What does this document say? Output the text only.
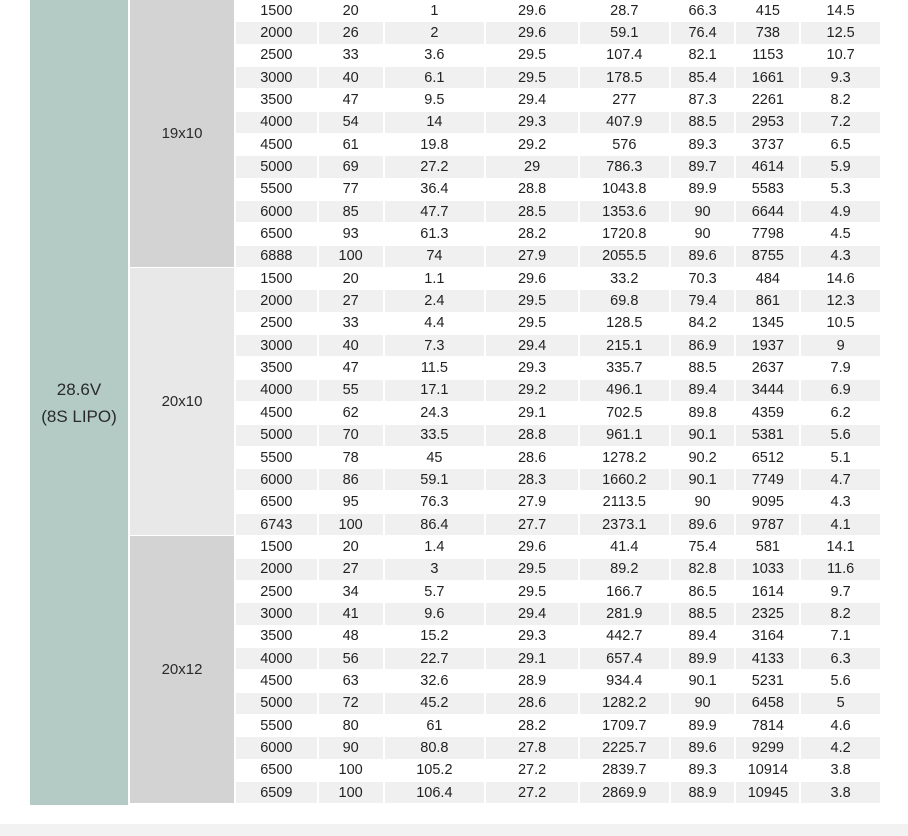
28.6V
(8S LIPO)
19x10
20x10
20x12
1500	20	1	29.6	28.7	66.3	415	14.5
2000	26	2	29.6	59.1	76.4	738	12.5
2500	33	3.6	29.5	107.4	82.1	1153	10.7
3000	40	6.1	29.5	178.5	85.4	1661	9.3
3500	47	9.5	29.4	277	87.3	2261	8.2
4000	54	14	29.3	407.9	88.5	2953	7.2
4500	61	19.8	29.2	576	89.3	3737	6.5
5000	69	27.2	29	786.3	89.7	4614	5.9
5500	77	36.4	28.8	1043.8	89.9	5583	5.3
6000	85	47.7	28.5	1353.6	90	6644	4.9
6500	93	61.3	28.2	1720.8	90	7798	4.5
6888	100	74	27.9	2055.5	89.6	8755	4.3
1500	20	1.1	29.6	33.2	70.3	484	14.6
2000	27	2.4	29.5	69.8	79.4	861	12.3
2500	33	4.4	29.5	128.5	84.2	1345	10.5
3000	40	7.3	29.4	215.1	86.9	1937	9
3500	47	11.5	29.3	335.7	88.5	2637	7.9
4000	55	17.1	29.2	496.1	89.4	3444	6.9
4500	62	24.3	29.1	702.5	89.8	4359	6.2
5000	70	33.5	28.8	961.1	90.1	5381	5.6
5500	78	45	28.6	1278.2	90.2	6512	5.1
6000	86	59.1	28.3	1660.2	90.1	7749	4.7
6500	95	76.3	27.9	2113.5	90	9095	4.3
6743	100	86.4	27.7	2373.1	89.6	9787	4.1
1500	20	1.4	29.6	41.4	75.4	581	14.1
2000	27	3	29.5	89.2	82.8	1033	11.6
2500	34	5.7	29.5	166.7	86.5	1614	9.7
3000	41	9.6	29.4	281.9	88.5	2325	8.2
3500	48	15.2	29.3	442.7	89.4	3164	7.1
4000	56	22.7	29.1	657.4	89.9	4133	6.3
4500	63	32.6	28.9	934.4	90.1	5231	5.6
5000	72	45.2	28.6	1282.2	90	6458	5
5500	80	61	28.2	1709.7	89.9	7814	4.6
6000	90	80.8	27.8	2225.7	89.6	9299	4.2
6500	100	105.2	27.2	2839.7	89.3	10914	3.8
6509	100	106.4	27.2	2869.9	88.9	10945	3.8
